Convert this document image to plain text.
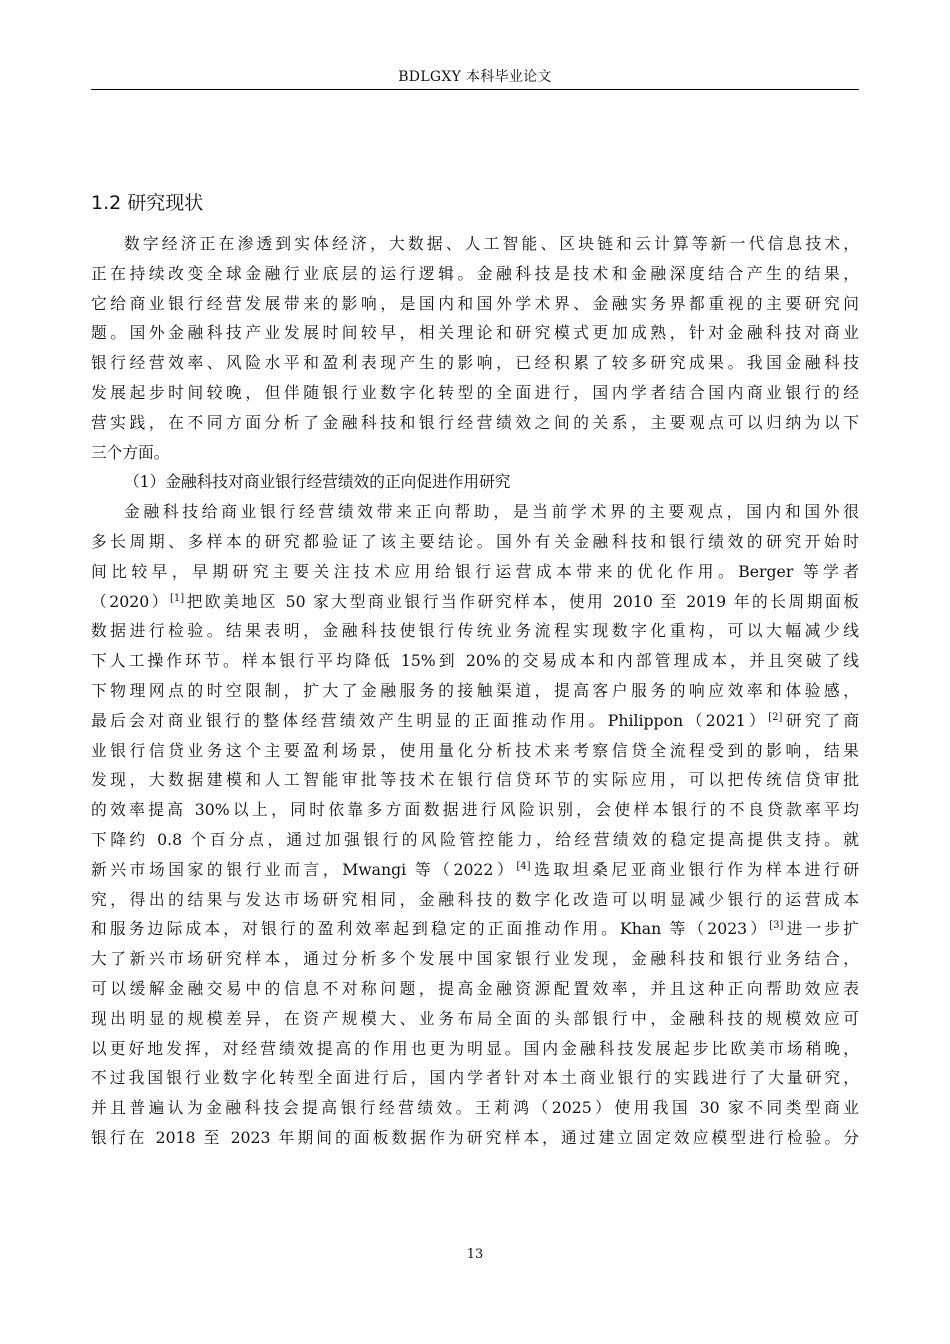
BDLGXY 本科毕业论文
1.2 研究现状
数字经济正在渗透到实体经济，大数据、人工智能、区块链和云计算等新一代信息技术，
正在持续改变全球金融行业底层的运行逻辑。金融科技是技术和金融深度结合产生的结果，
它给商业银行经营发展带来的影响，是国内和国外学术界、金融实务界都重视的主要研究问
题。国外金融科技产业发展时间较早，相关理论和研究模式更加成熟，针对金融科技对商业
银行经营效率、风险水平和盈利表现产生的影响，已经积累了较多研究成果。我国金融科技
发展起步时间较晚，但伴随银行业数字化转型的全面进行，国内学者结合国内商业银行的经
营实践，在不同方面分析了金融科技和银行经营绩效之间的关系，主要观点可以归纳为以下
三个方面。
（1）金融科技对商业银行经营绩效的正向促进作用研究
金融科技给商业银行经营绩效带来正向帮助，是当前学术界的主要观点，国内和国外很
多长周期、多样本的研究都验证了该主要结论。国外有关金融科技和银行绩效的研究开始时
间比较早，早期研究主要关注技术应用给银行运营成本带来的优化作用。Berger 等学者
（2020）[1]把欧美地区 50 家大型商业银行当作研究样本，使用 2010 至 2019 年的长周期面板
数据进行检验。结果表明，金融科技使银行传统业务流程实现数字化重构，可以大幅减少线
下人工操作环节。样本银行平均降低 15%到 20%的交易成本和内部管理成本，并且突破了线
下物理网点的时空限制，扩大了金融服务的接触渠道，提高客户服务的响应效率和体验感，
最后会对商业银行的整体经营绩效产生明显的正面推动作用。Philippon（2021）[2]研究了商
业银行信贷业务这个主要盈利场景，使用量化分析技术来考察信贷全流程受到的影响，结果
发现，大数据建模和人工智能审批等技术在银行信贷环节的实际应用，可以把传统信贷审批
的效率提高 30%以上，同时依靠多方面数据进行风险识别，会使样本银行的不良贷款率平均
下降约 0.8 个百分点，通过加强银行的风险管控能力，给经营绩效的稳定提高提供支持。就
新兴市场国家的银行业而言，Mwangi 等（2022）[4]选取坦桑尼亚商业银行作为样本进行研
究，得出的结果与发达市场研究相同，金融科技的数字化改造可以明显减少银行的运营成本
和服务边际成本，对银行的盈利效率起到稳定的正面推动作用。Khan 等（2023）[3]进一步扩
大了新兴市场研究样本，通过分析多个发展中国家银行业发现，金融科技和银行业务结合，
可以缓解金融交易中的信息不对称问题，提高金融资源配置效率，并且这种正向帮助效应表
现出明显的规模差异，在资产规模大、业务布局全面的头部银行中，金融科技的规模效应可
以更好地发挥，对经营绩效提高的作用也更为明显。国内金融科技发展起步比欧美市场稍晚，
不过我国银行业数字化转型全面进行后，国内学者针对本土商业银行的实践进行了大量研究，
并且普遍认为金融科技会提高银行经营绩效。王莉鸿（2025）使用我国 30 家不同类型商业
银行在 2018 至 2023 年期间的面板数据作为研究样本，通过建立固定效应模型进行检验。分
13
